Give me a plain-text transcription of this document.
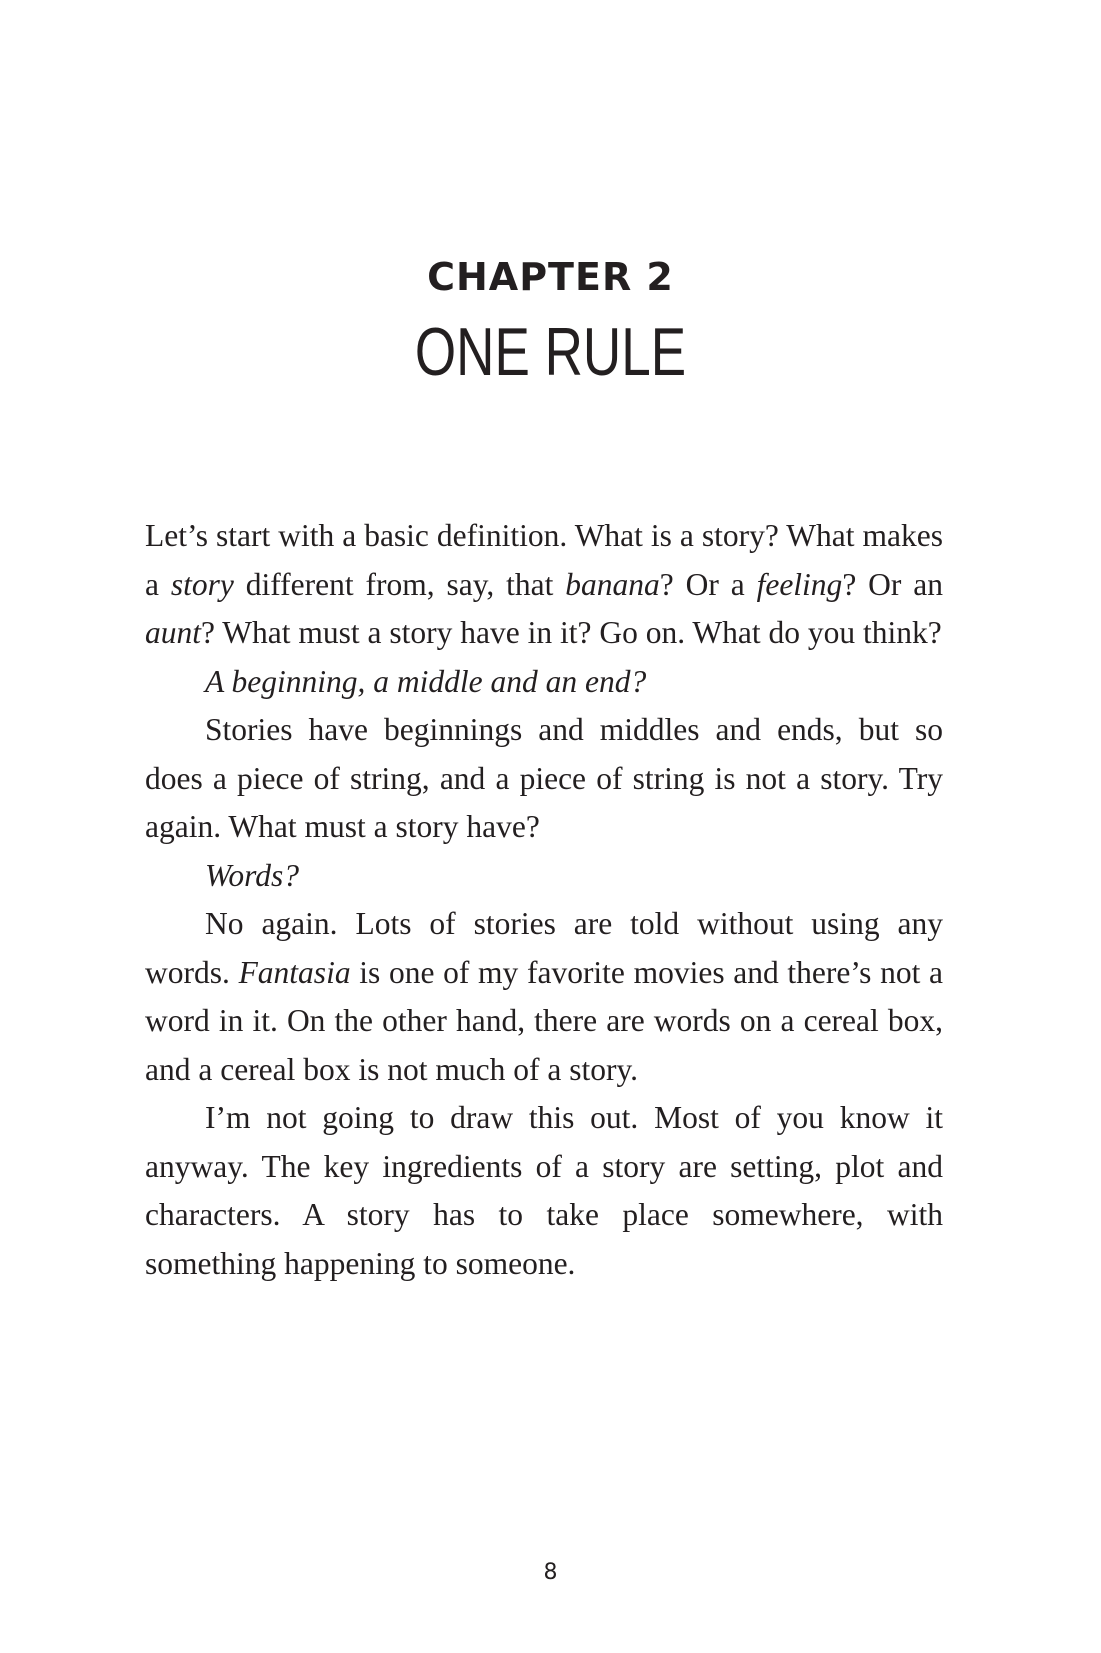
CHAPTER 2
ONE RULE

Let’s start with a basic definition. What is a story? What makes a story different from, say, that banana? Or a feeling? Or an aunt? What must a story have in it? Go on. What do you think?

A beginning, a middle and an end?

Stories have beginnings and middles and ends, but so does a piece of string, and a piece of string is not a story. Try again. What must a story have?

Words?

No again. Lots of stories are told without using any words. Fantasia is one of my favorite movies and there’s not a word in it. On the other hand, there are words on a cereal box, and a cereal box is not much of a story.

I’m not going to draw this out. Most of you know it anyway. The key ingredients of a story are setting, plot and characters. A story has to take place somewhere, with something happening to someone.

8
